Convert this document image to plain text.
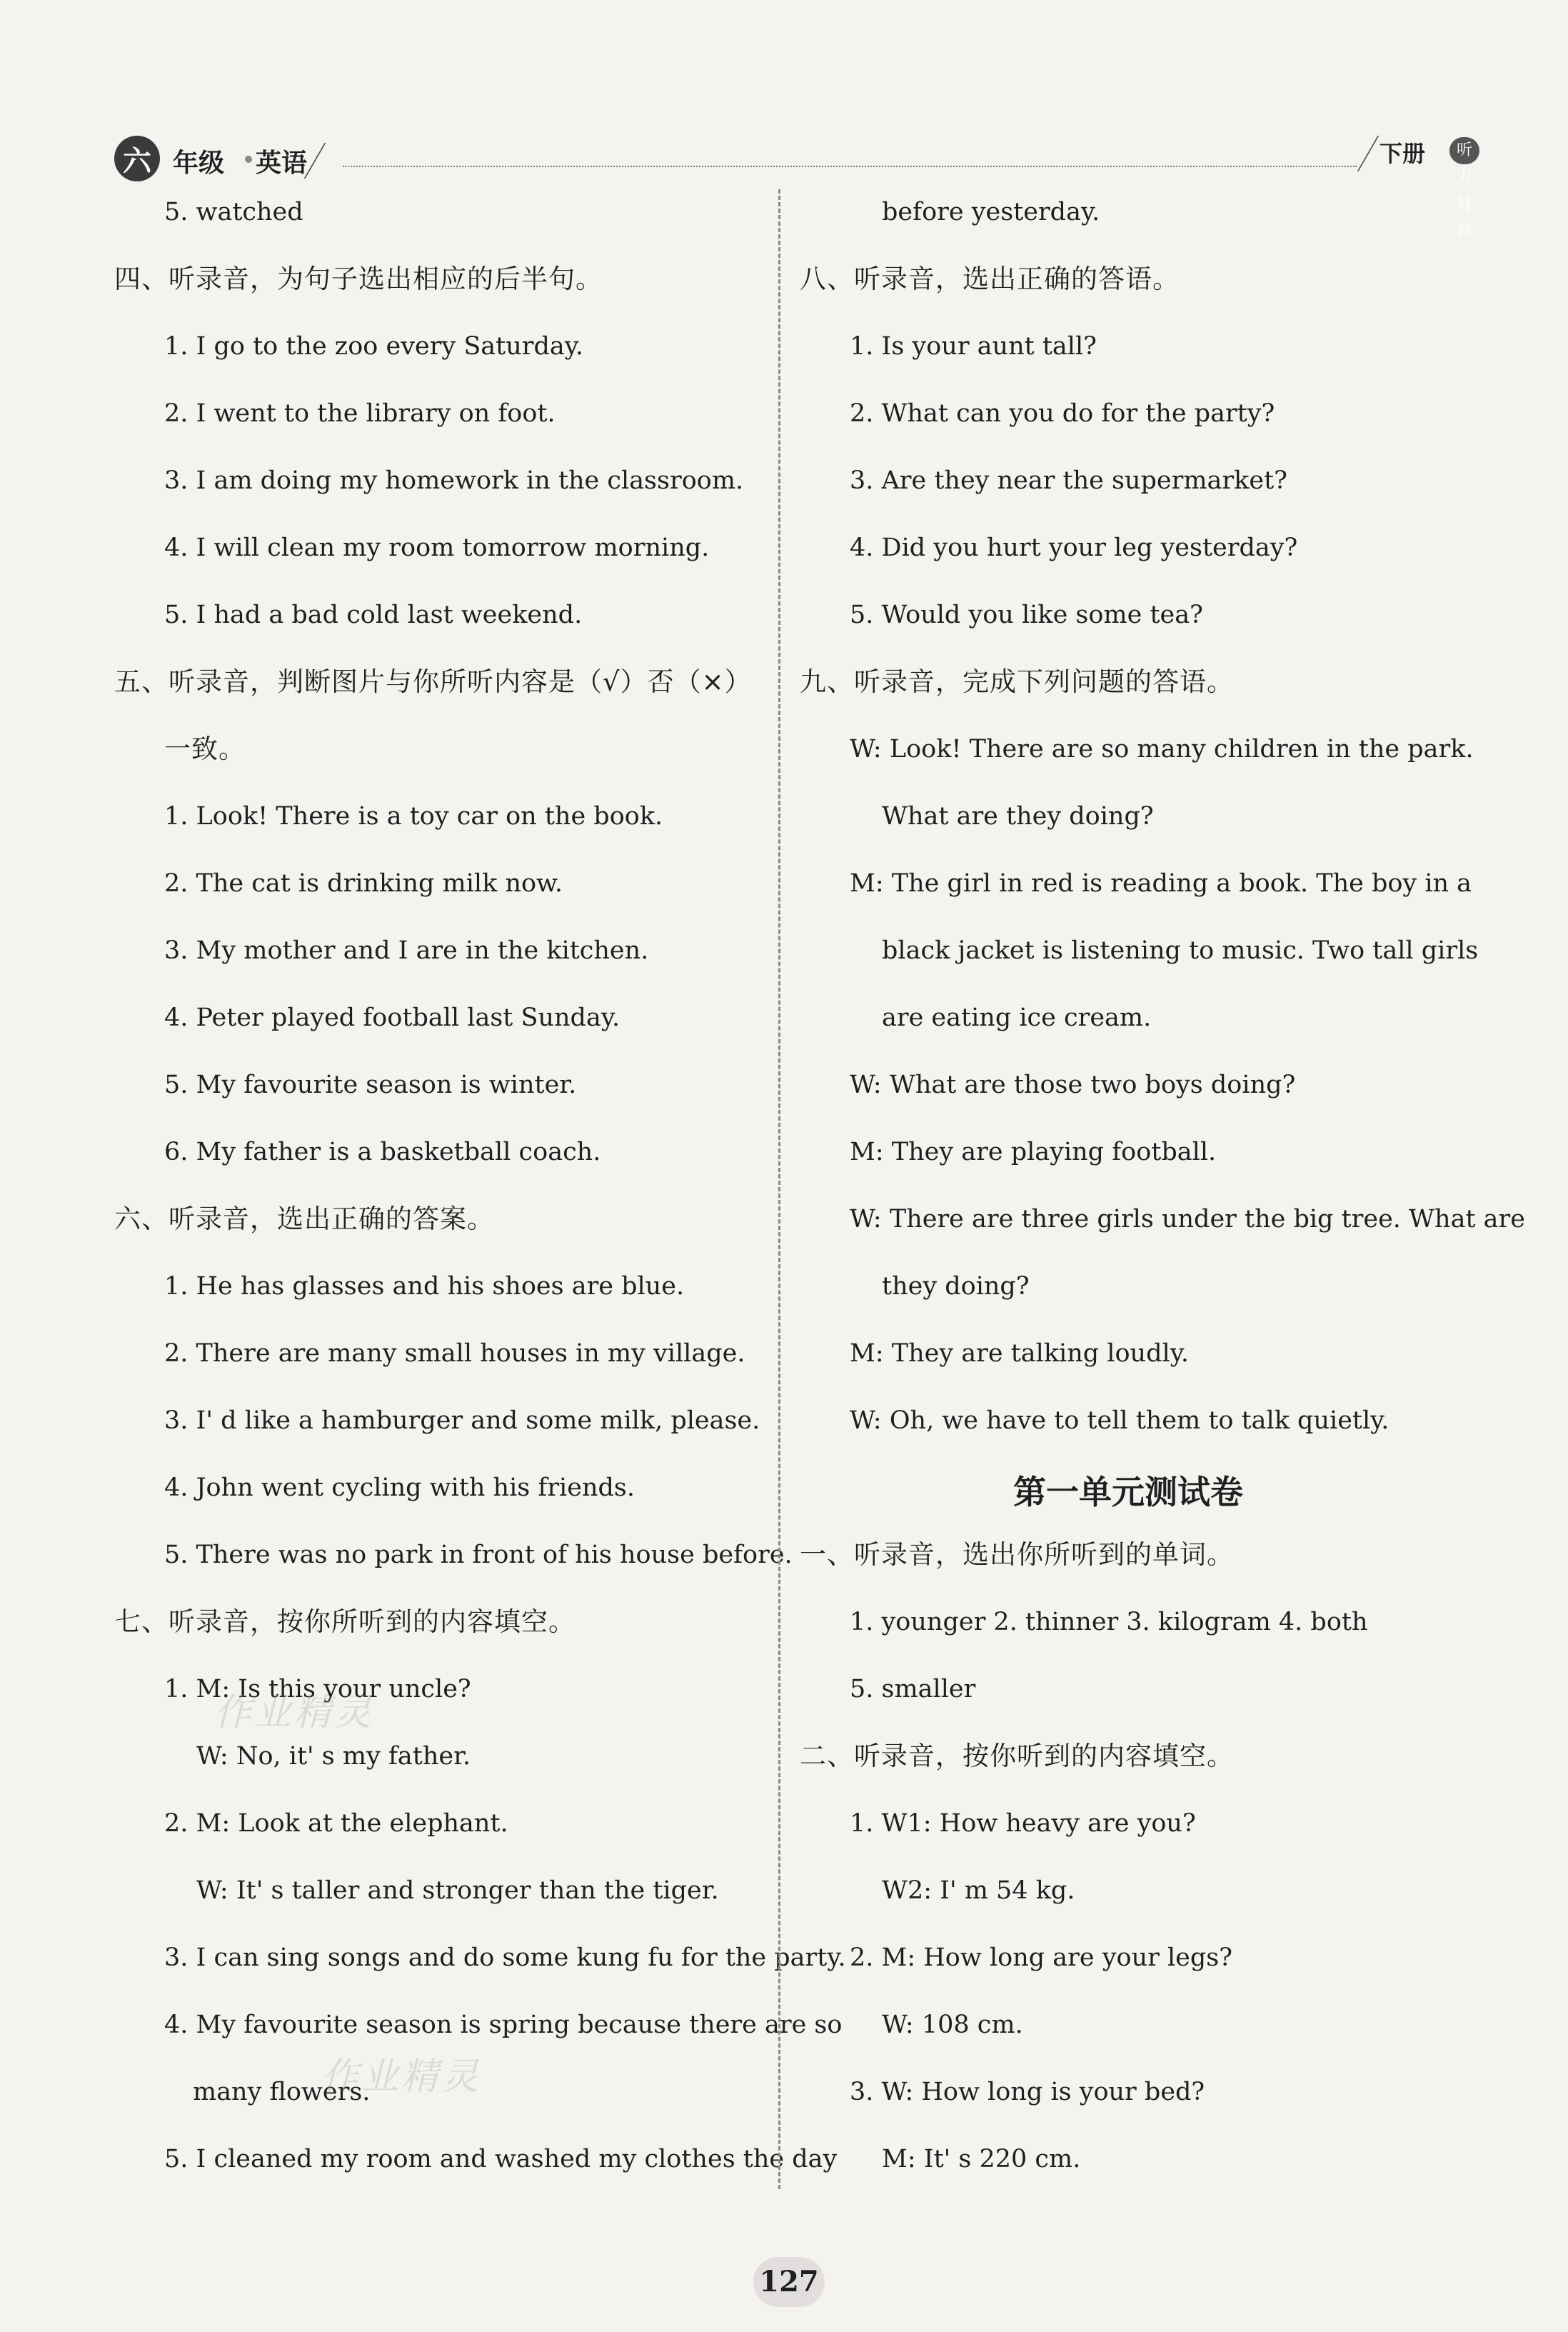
六 年级 英语	下册	听力材料
5. watched
四、听录音，为句子选出相应的后半句。
1. I go to the zoo every Saturday.
2. I went to the library on foot.
3. I am doing my homework in the classroom.
4. I will clean my room tomorrow morning.
5. I had a bad cold last weekend.
五、听录音，判断图片与你所听内容是（√）否（×）
一致。
1. Look! There is a toy car on the book.
2. The cat is drinking milk now.
3. My mother and I are in the kitchen.
4. Peter played football last Sunday.
5. My favourite season is winter.
6. My father is a basketball coach.
六、听录音，选出正确的答案。
1. He has glasses and his shoes are blue.
2. There are many small houses in my village.
3. I' d like a hamburger and some milk, please.
4. John went cycling with his friends.
5. There was no park in front of his house before.
七、听录音，按你所听到的内容填空。
1. M: Is this your uncle?
W: No, it' s my father.
2. M: Look at the elephant.
W: It' s taller and stronger than the tiger.
3. I can sing songs and do some kung fu for the party.
4. My favourite season is spring because there are so
many flowers.
5. I cleaned my room and washed my clothes the day
before yesterday.
八、听录音，选出正确的答语。
1. Is your aunt tall?
2. What can you do for the party?
3. Are they near the supermarket?
4. Did you hurt your leg yesterday?
5. Would you like some tea?
九、听录音，完成下列问题的答语。
W: Look! There are so many children in the park.
What are they doing?
M: The girl in red is reading a book. The boy in a
black jacket is listening to music. Two tall girls
are eating ice cream.
W: What are those two boys doing?
M: They are playing football.
W: There are three girls under the big tree. What are
they doing?
M: They are talking loudly.
W: Oh, we have to tell them to talk quietly.
第一单元测试卷
一、听录音，选出你所听到的单词。
1. younger 2. thinner 3. kilogram 4. both
5. smaller
二、听录音，按你听到的内容填空。
1. W1: How heavy are you?
W2: I' m 54 kg.
2. M: How long are your legs?
W: 108 cm.
3. W: How long is your bed?
M: It' s 220 cm.
作业精灵
作业精灵
127
